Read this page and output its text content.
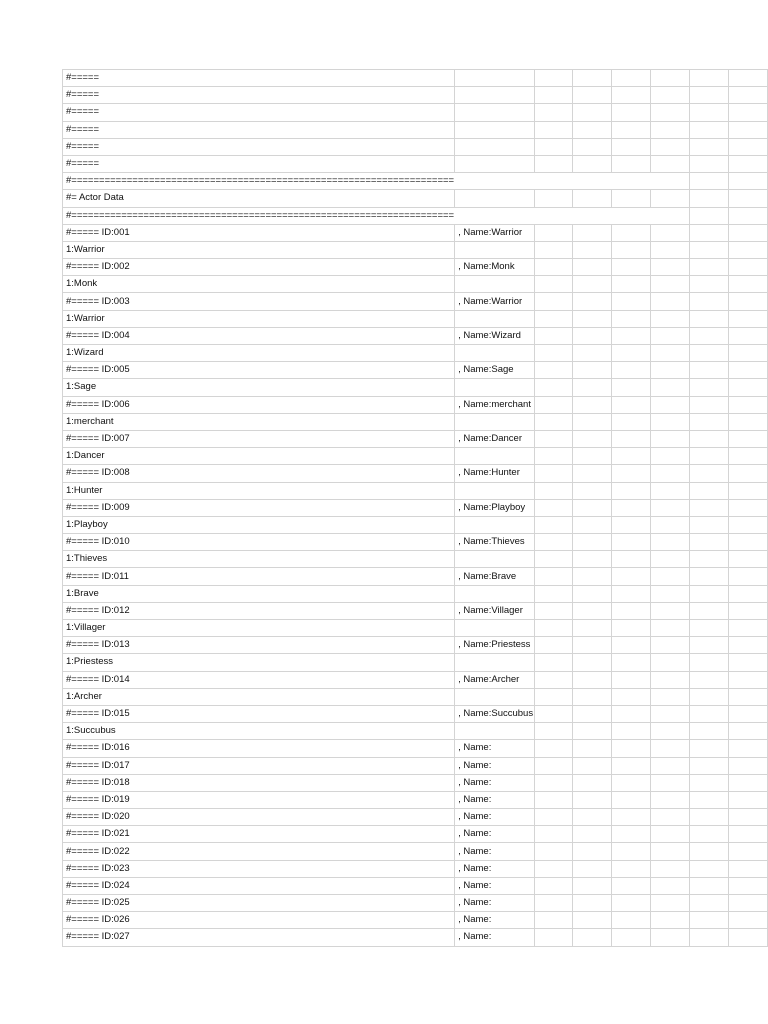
#=====							
#=====							
#=====							
#=====							
#=====							
#=====							
#=====================================================================							
#= Actor Data							
#=====================================================================							
#===== ID:001	, Name:Warrior						
1:Warrior							
#===== ID:002	, Name:Monk						
1:Monk							
#===== ID:003	, Name:Warrior						
1:Warrior							
#===== ID:004	, Name:Wizard						
1:Wizard							
#===== ID:005	, Name:Sage						
1:Sage							
#===== ID:006	, Name:merchant						
1:merchant							
#===== ID:007	, Name:Dancer						
1:Dancer							
#===== ID:008	, Name:Hunter						
1:Hunter							
#===== ID:009	, Name:Playboy						
1:Playboy							
#===== ID:010	, Name:Thieves						
1:Thieves							
#===== ID:011	, Name:Brave						
1:Brave							
#===== ID:012	, Name:Villager						
1:Villager							
#===== ID:013	, Name:Priestess						
1:Priestess							
#===== ID:014	, Name:Archer						
1:Archer							
#===== ID:015	, Name:Succubus						
1:Succubus							
#===== ID:016	, Name:						
#===== ID:017	, Name:						
#===== ID:018	, Name:						
#===== ID:019	, Name:						
#===== ID:020	, Name:						
#===== ID:021	, Name:						
#===== ID:022	, Name:						
#===== ID:023	, Name:						
#===== ID:024	, Name:						
#===== ID:025	, Name:						
#===== ID:026	, Name:						
#===== ID:027	, Name:						
